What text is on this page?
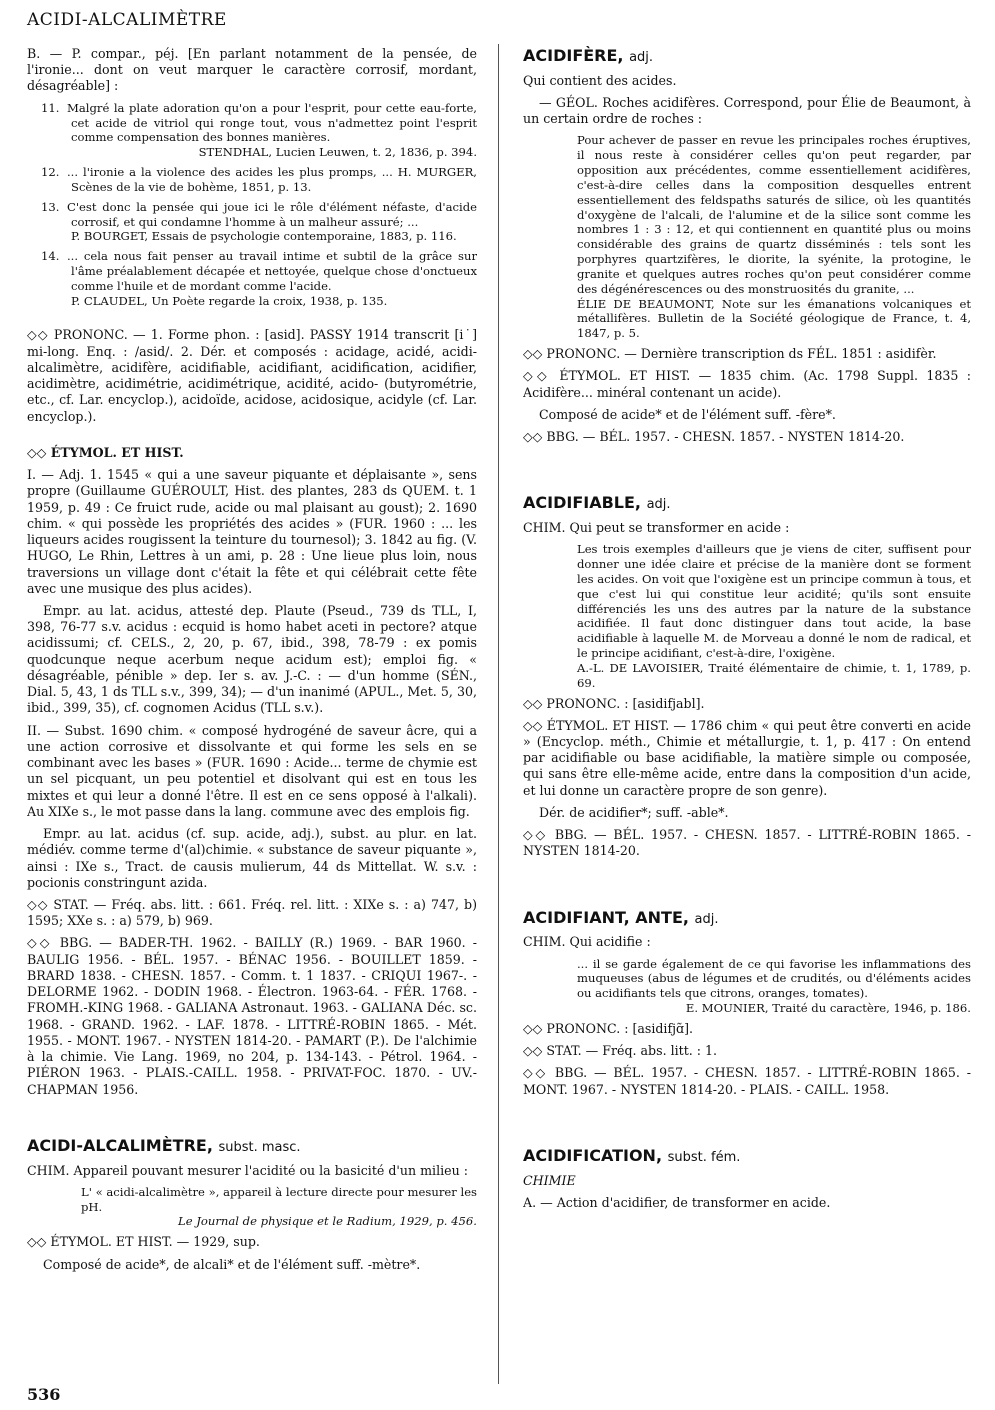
ACIDI-ALCALIMÈTRE

B. — P. compar., péj. [En parlant notamment de la pensée, de l'ironie... dont on veut marquer le caractère corrosif, mordant, désagréable] :

11. Malgré la plate adoration qu'on a pour l'esprit, pour cette eau-forte, cet acide de vitriol qui ronge tout, vous n'admettez point l'esprit comme compensation des bonnes manières.
STENDHAL, Lucien Leuwen, t. 2, 1836, p. 394.
12. ... l'ironie a la violence des acides les plus promps, ... H. MURGER, Scènes de la vie de bohème, 1851, p. 13.
13. C'est donc la pensée qui joue ici le rôle d'élément néfaste, d'acide corrosif, et qui condamne l'homme à un malheur assuré; ...
P. BOURGET, Essais de psychologie contemporaine, 1883, p. 116.
14. ... cela nous fait penser au travail intime et subtil de la grâce sur l'âme préalablement décapée et nettoyée, quelque chose d'onctueux comme l'huile et de mordant comme l'acide.
P. CLAUDEL, Un Poète regarde la croix, 1938, p. 135.

◇◇ PRONONC. — 1. Forme phon. : [asid]. PASSY 1914 transcrit [i˙] mi-long. Enq. : /asid/. 2. Dér. et composés : acidage, acidé, acidi-alcalimètre, acidifère, acidifiable, acidifiant, acidification, acidifier, acidimètre, acidimétrie, acidimétrique, acidité, acido- (butyrométrie, etc., cf. Lar. encyclop.), acidoïde, acidose, acidosique, acidyle (cf. Lar. encyclop.).

◇◇ ÉTYMOL. ET HIST.

I. — Adj. 1. 1545 « qui a une saveur piquante et déplaisante », sens propre (Guillaume GUÉROULT, Hist. des plantes, 283 ds QUEM. t. 1 1959, p. 49 : Ce fruict rude, acide ou mal plaisant au goust); 2. 1690 chim. « qui possède les propriétés des acides » (FUR. 1960 : ... les liqueurs acides rougissent la teinture du tournesol); 3. 1842 au fig. (V. HUGO, Le Rhin, Lettres à un ami, p. 28 : Une lieue plus loin, nous traversions un village dont c'était la fête et qui célébrait cette fête avec une musique des plus acides).

Empr. au lat. acidus, attesté dep. Plaute (Pseud., 739 ds TLL, I, 398, 76-77 s.v. acidus : ecquid is homo habet aceti in pectore? atque acidissumi; cf. CELS., 2, 20, p. 67, ibid., 398, 78-79 : ex pomis quodcunque neque acerbum neque acidum est); emploi fig. « désagréable, pénible » dep. Ier s. av. J.-C. : — d'un homme (SÉN., Dial. 5, 43, 1 ds TLL s.v., 399, 34); — d'un inanimé (APUL., Met. 5, 30, ibid., 399, 35), cf. cognomen Acidus (TLL s.v.).

II. — Subst. 1690 chim. « composé hydrogéné de saveur âcre, qui a une action corrosive et dissolvante et qui forme les sels en se combinant avec les bases » (FUR. 1690 : Acide... terme de chymie est un sel picquant, un peu potentiel et disolvant qui est en tous les mixtes et qui leur a donné l'être. Il est en ce sens opposé à l'alkali). Au XIXe s., le mot passe dans la lang. commune avec des emplois fig.

Empr. au lat. acidus (cf. sup. acide, adj.), subst. au plur. en lat. médiév. comme terme d'(al)chimie. « substance de saveur piquante », ainsi : IXe s., Tract. de causis mulierum, 44 ds Mittellat. W. s.v. : pocionis constringunt azida.

◇◇ STAT. — Fréq. abs. litt. : 661. Fréq. rel. litt. : XIXe s. : a) 747, b) 1595; XXe s. : a) 579, b) 969.

◇◇ BBG. — BADER-TH. 1962. - BAILLY (R.) 1969. - BAR 1960. - BAULIG 1956. - BÉL. 1957. - BÉNAC 1956. - BOUILLET 1859. - BRARD 1838. - CHESN. 1857. - Comm. t. 1 1837. - CRIQUI 1967-. - DELORME 1962. - DODIN 1968. - Électron. 1963-64. - FÉR. 1768. - FROMH.-KING 1968. - GALIANA Astronaut. 1963. - GALIANA Déc. sc. 1968. - GRAND. 1962. - LAF. 1878. - LITTRÉ-ROBIN 1865. - Mét. 1955. - MONT. 1967. - NYSTEN 1814-20. - PAMART (P.). De l'alchimie à la chimie. Vie Lang. 1969, no 204, p. 134-143. - Pétrol. 1964. - PIÉRON 1963. - PLAIS.-CAILL. 1958. - PRIVAT-FOC. 1870. - UV.-CHAPMAN 1956.

ACIDI-ALCALIMÈTRE, subst. masc.

CHIM. Appareil pouvant mesurer l'acidité ou la basicité d'un milieu :

L' « acidi-alcalimètre », appareil à lecture directe pour mesurer les pH.
Le Journal de physique et le Radium, 1929, p. 456.

◇◇ ÉTYMOL. ET HIST. — 1929, sup.

Composé de acide*, de alcali* et de l'élément suff. -mètre*.

ACIDIFÈRE, adj.

Qui contient des acides.

— GÉOL. Roches acidifères. Correspond, pour Élie de Beaumont, à un certain ordre de roches :

Pour achever de passer en revue les principales roches éruptives, il nous reste à considérer celles qu'on peut regarder, par opposition aux précédentes, comme essentiellement acidifères, c'est-à-dire celles dans la composition desquelles entrent essentiellement des feldspaths saturés de silice, où les quantités d'oxygène de l'alcali, de l'alumine et de la silice sont comme les nombres 1 : 3 : 12, et qui contiennent en quantité plus ou moins considérable des grains de quartz disséminés : tels sont les porphyres quartzifères, le diorite, la syénite, la protogine, le granite et quelques autres roches qu'on peut considérer comme des dégénérescences ou des monstruosités du granite, ...
ÉLIE DE BEAUMONT, Note sur les émanations volcaniques et métallifères. Bulletin de la Société géologique de France, t. 4, 1847, p. 5.

◇◇ PRONONC. — Dernière transcription ds FÉL. 1851 : asidifèr.

◇◇ ÉTYMOL. ET HIST. — 1835 chim. (Ac. 1798 Suppl. 1835 : Acidifère... minéral contenant un acide).

Composé de acide* et de l'élément suff. -fère*.

◇◇ BBG. — BÉL. 1957. - CHESN. 1857. - NYSTEN 1814-20.

ACIDIFIABLE, adj.

CHIM. Qui peut se transformer en acide :

Les trois exemples d'ailleurs que je viens de citer, suffisent pour donner une idée claire et précise de la manière dont se forment les acides. On voit que l'oxigène est un principe commun à tous, et que c'est lui qui constitue leur acidité; qu'ils sont ensuite différenciés les uns des autres par la nature de la substance acidifiée. Il faut donc distinguer dans tout acide, la base acidifiable à laquelle M. de Morveau a donné le nom de radical, et le principe acidifiant, c'est-à-dire, l'oxigène.
A.-L. DE LAVOISIER, Traité élémentaire de chimie, t. 1, 1789, p. 69.

◇◇ PRONONC. : [asidifjabl].

◇◇ ÉTYMOL. ET HIST. — 1786 chim « qui peut être converti en acide » (Encyclop. méth., Chimie et métallurgie, t. 1, p. 417 : On entend par acidifiable ou base acidifiable, la matière simple ou composée, qui sans être elle-même acide, entre dans la composition d'un acide, et lui donne un caractère propre de son genre).

Dér. de acidifier*; suff. -able*.

◇◇ BBG. — BÉL. 1957. - CHESN. 1857. - LITTRÉ-ROBIN 1865. - NYSTEN 1814-20.

ACIDIFIANT, ANTE, adj.

CHIM. Qui acidifie :

... il se garde également de ce qui favorise les inflammations des muqueuses (abus de légumes et de crudités, ou d'éléments acides ou acidifiants tels que citrons, oranges, tomates).
E. MOUNIER, Traité du caractère, 1946, p. 186.

◇◇ PRONONC. : [asidifjɑ̃].

◇◇ STAT. — Fréq. abs. litt. : 1.

◇◇ BBG. — BÉL. 1957. - CHESN. 1857. - LITTRÉ-ROBIN 1865. - MONT. 1967. - NYSTEN 1814-20. - PLAIS. - CAILL. 1958.

ACIDIFICATION, subst. fém.

CHIMIE

A. — Action d'acidifier, de transformer en acide.

536
